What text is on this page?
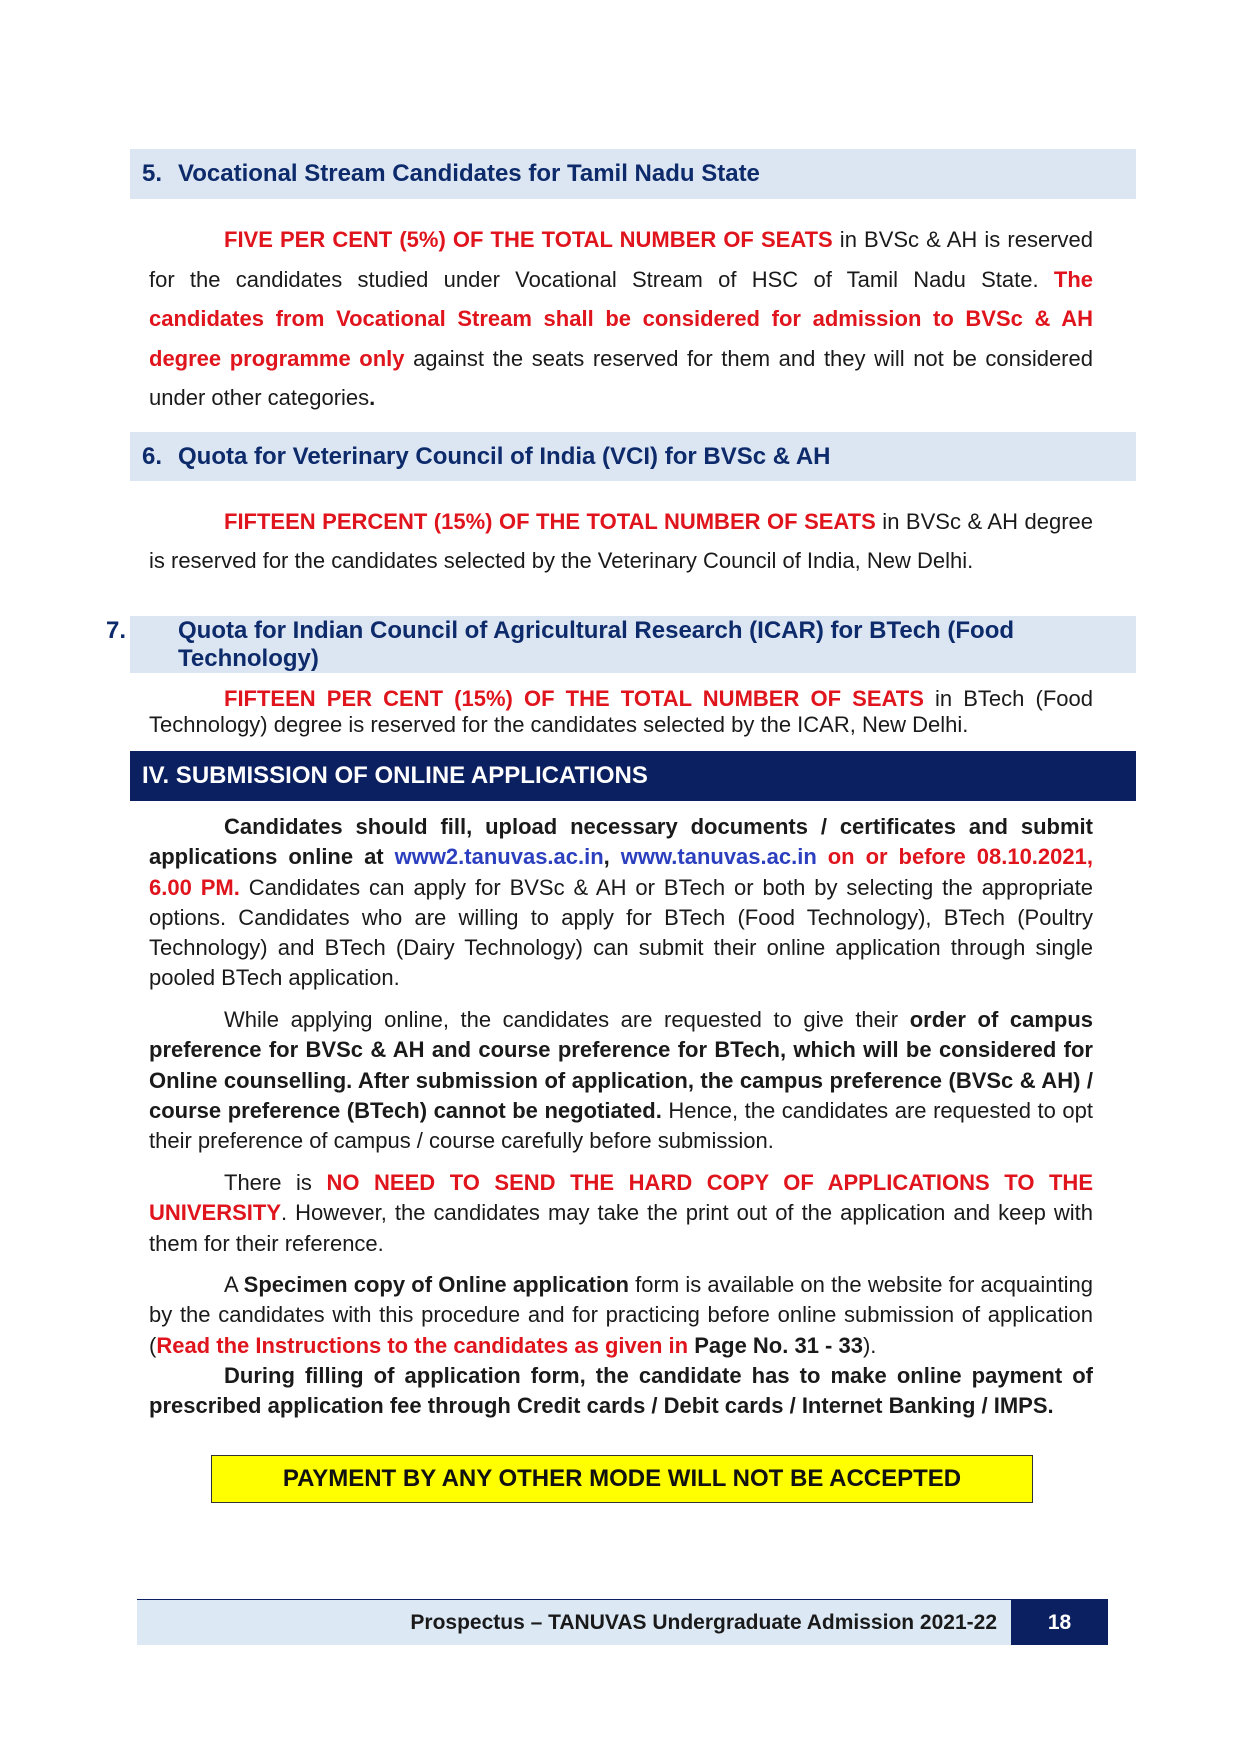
5. Vocational Stream Candidates for Tamil Nadu State

FIVE PER CENT (5%) OF THE TOTAL NUMBER OF SEATS in BVSc & AH is reserved for the candidates studied under Vocational Stream of HSC of Tamil Nadu State. The candidates from Vocational Stream shall be considered for admission to BVSc & AH degree programme only against the seats reserved for them and they will not be considered under other categories.

6. Quota for Veterinary Council of India (VCI) for BVSc & AH

FIFTEEN PERCENT (15%) OF THE TOTAL NUMBER OF SEATS in BVSc & AH degree is reserved for the candidates selected by the Veterinary Council of India, New Delhi.

7. Quota for Indian Council of Agricultural Research (ICAR) for BTech (Food Technology)

FIFTEEN PER CENT (15%) OF THE TOTAL NUMBER OF SEATS in BTech (Food Technology) degree is reserved for the candidates selected by the ICAR, New Delhi.

IV. SUBMISSION OF ONLINE APPLICATIONS

Candidates should fill, upload necessary documents / certificates and submit applications online at www2.tanuvas.ac.in, www.tanuvas.ac.in on or before 08.10.2021, 6.00 PM. Candidates can apply for BVSc & AH or BTech or both by selecting the appropriate options. Candidates who are willing to apply for BTech (Food Technology), BTech (Poultry Technology) and BTech (Dairy Technology) can submit their online application through single pooled BTech application.

While applying online, the candidates are requested to give their order of campus preference for BVSc & AH and course preference for BTech, which will be considered for Online counselling. After submission of application, the campus preference (BVSc & AH) / course preference (BTech) cannot be negotiated. Hence, the candidates are requested to opt their preference of campus / course carefully before submission.

There is NO NEED TO SEND THE HARD COPY OF APPLICATIONS TO THE UNIVERSITY. However, the candidates may take the print out of the application and keep with them for their reference.

A Specimen copy of Online application form is available on the website for acquainting by the candidates with this procedure and for practicing before online submission of application (Read the Instructions to the candidates as given in Page No. 31 - 33).

During filling of application form, the candidate has to make online payment of prescribed application fee through Credit cards / Debit cards / Internet Banking / IMPS.

PAYMENT BY ANY OTHER MODE WILL NOT BE ACCEPTED
Prospectus – TANUVAS Undergraduate Admission 2021-22	18
